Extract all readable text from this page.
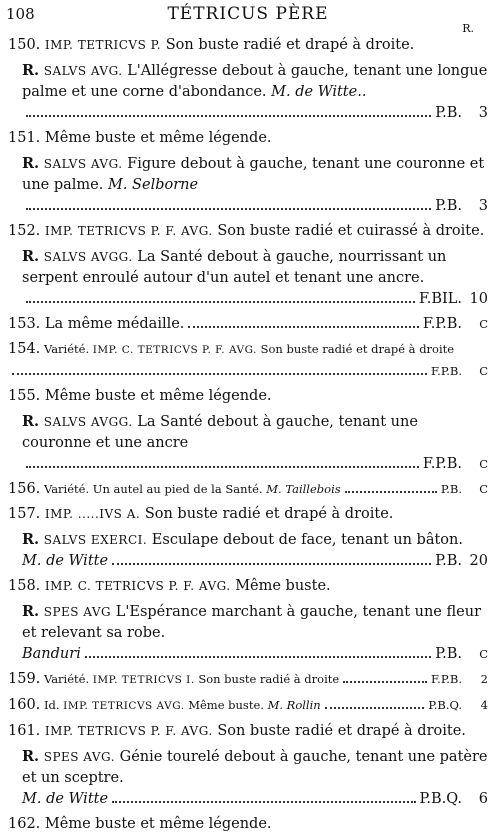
108	TÉTRICUS PÈRE
R.
150. IMP. TETRICVS P. Son buste radié et drapé à droite.
R. SALVS AVG. L'Allégresse debout à gauche, tenant une longue palme et une corne d'abondance. M. de Witte..
P.B.	3
151. Même buste et même légende.
R. SALVS AVG. Figure debout à gauche, tenant une couronne et une palme. M. Selborne
P.B.	3
152. IMP. TETRICVS P. F. AVG. Son buste radié et cuirassé à droite.
R. SALVS AVGG. La Santé debout à gauche, nourrissant un serpent enroulé autour d'un autel et tenant une ancre.
F.BIL. 10
153.
La même médaille.	F.P.B.	C
154. Variété. IMP. C. TETRICVS P. F. AVG. Son buste radié et drapé à droite
F.P.B.	C
155. Même buste et même légende.
R. SALVS AVGG. La Santé debout à gauche, tenant une couronne et une ancre
F.P.B.	C
156.
Variété.
Un autel au pied de la Santé.
M. Taillebois	P.B.	C
157. IMP. .....IVS A. Son buste radié et drapé à droite.
R. SALVS EXERCI. Esculape debout de face, tenant un bâton.
M. de Witte	P.B. 20
158. IMP. C. TETRICVS P. F. AVG. Même buste.
R. SPES AVG L'Espérance marchant à gauche, tenant une fleur et relevant sa robe.
Banduri	P.B.	C
159.
Variété.
IMP. TETRICVS I.
Son buste radié à droite	F.P.B.	2
160.
Id.
IMP. TETRICVS AVG.
Même buste.
M. Rollin	P.B.Q.	4
161. IMP. TETRICVS P. F. AVG. Son buste radié et drapé à droite.
R. SPES AVG. Génie tourelé debout à gauche, tenant une patère et un sceptre.
M. de Witte	P.B.Q.	6
162. Même buste et même légende.
